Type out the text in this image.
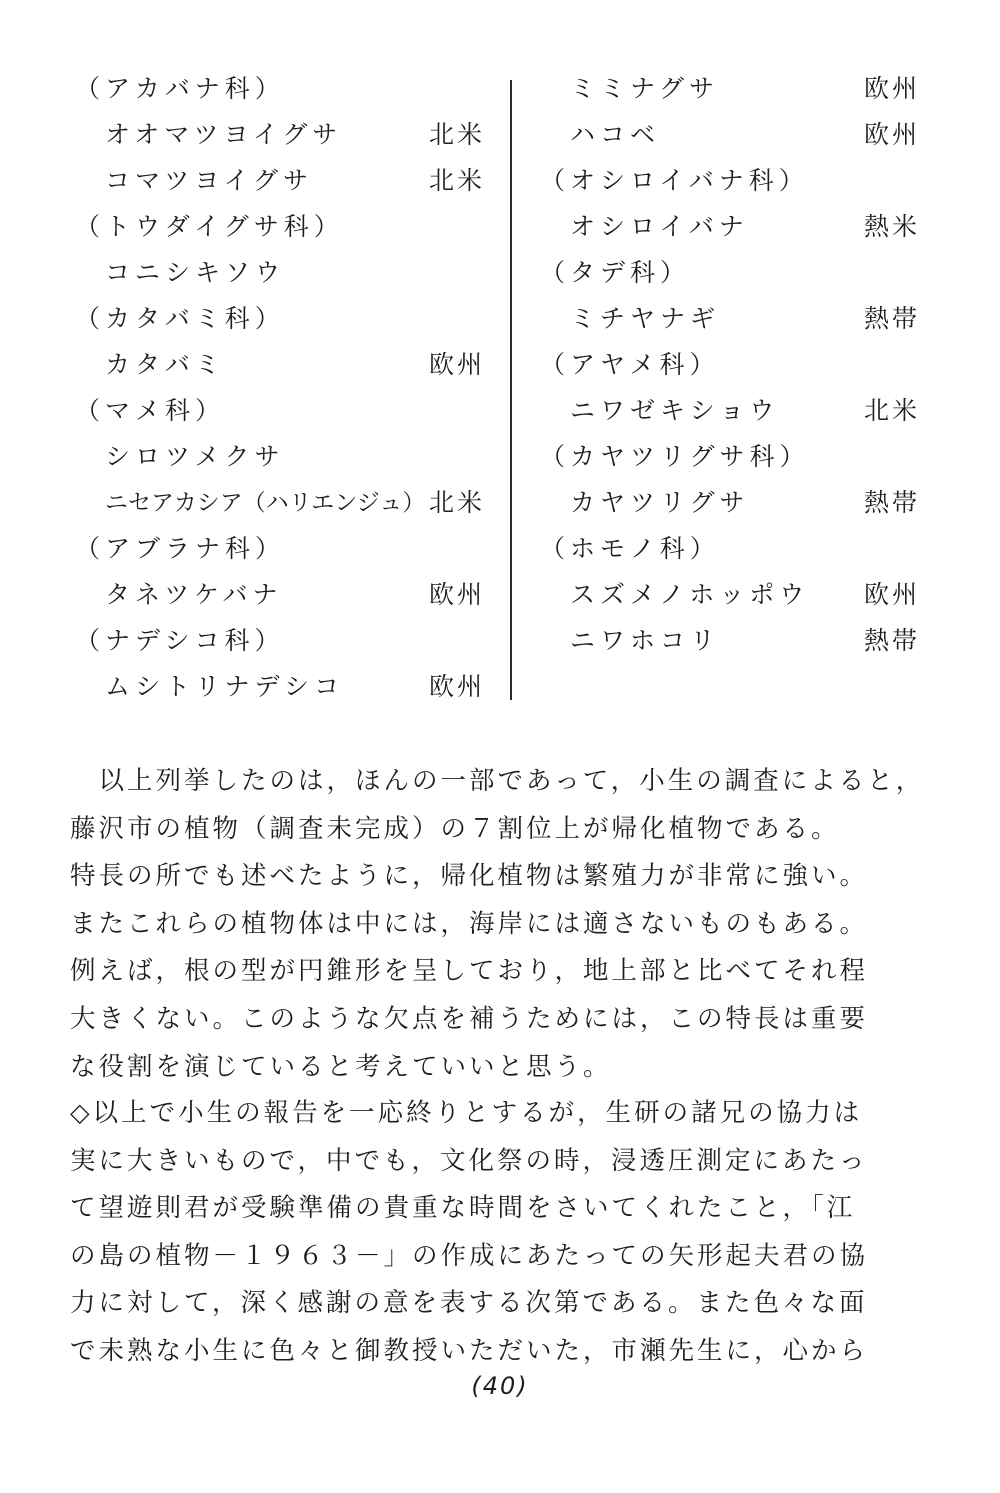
（アカバナ科）
オオマツヨイグサ	北米
コマツヨイグサ	北米
（トウダイグサ科）
コニシキソウ
（カタバミ科）
カタバミ	欧州
（マメ科）
シロツメクサ
ニセアカシア（ハリエンジュ） 北米
（アブラナ科）
タネツケバナ	欧州
（ナデシコ科）
ムシトリナデシコ	欧州
ミミナグサ	欧州
ハコベ	欧州
（オシロイバナ科）
オシロイバナ	熱米
（タデ科）
ミチヤナギ	熱帯
（アヤメ科）
ニワゼキショウ	北米
（カヤツリグサ科）
カヤツリグサ	熱帯
（ホモノ科）
スズメノホッポウ 欧州
ニワホコリ	熱帯
　以上列挙したのは，ほんの一部であって，小生の調査によると，藤沢市の植物（調査未完成）の７割位上が帰化植物である。
特長の所でも述べたように，帰化植物は繁殖力が非常に強い。
またこれらの植物体は中には，海岸には適さないものもある。
例えば，根の型が円錐形を呈しており，地上部と比べてそれ程
大きくない。このような欠点を補うためには，この特長は重要
な役割を演じていると考えていいと思う。
◇以上で小生の報告を一応終りとするが，生研の諸兄の協力は
実に大きいもので，中でも，文化祭の時，浸透圧測定にあたっ
て望遊則君が受験準備の貴重な時間をさいてくれたこと，「江
の島の植物－１９６３－」の作成にあたっての矢形起夫君の協
力に対して，深く感謝の意を表する次第である。また色々な面
で未熟な小生に色々と御教授いただいた，市瀬先生に，心から
(40)
